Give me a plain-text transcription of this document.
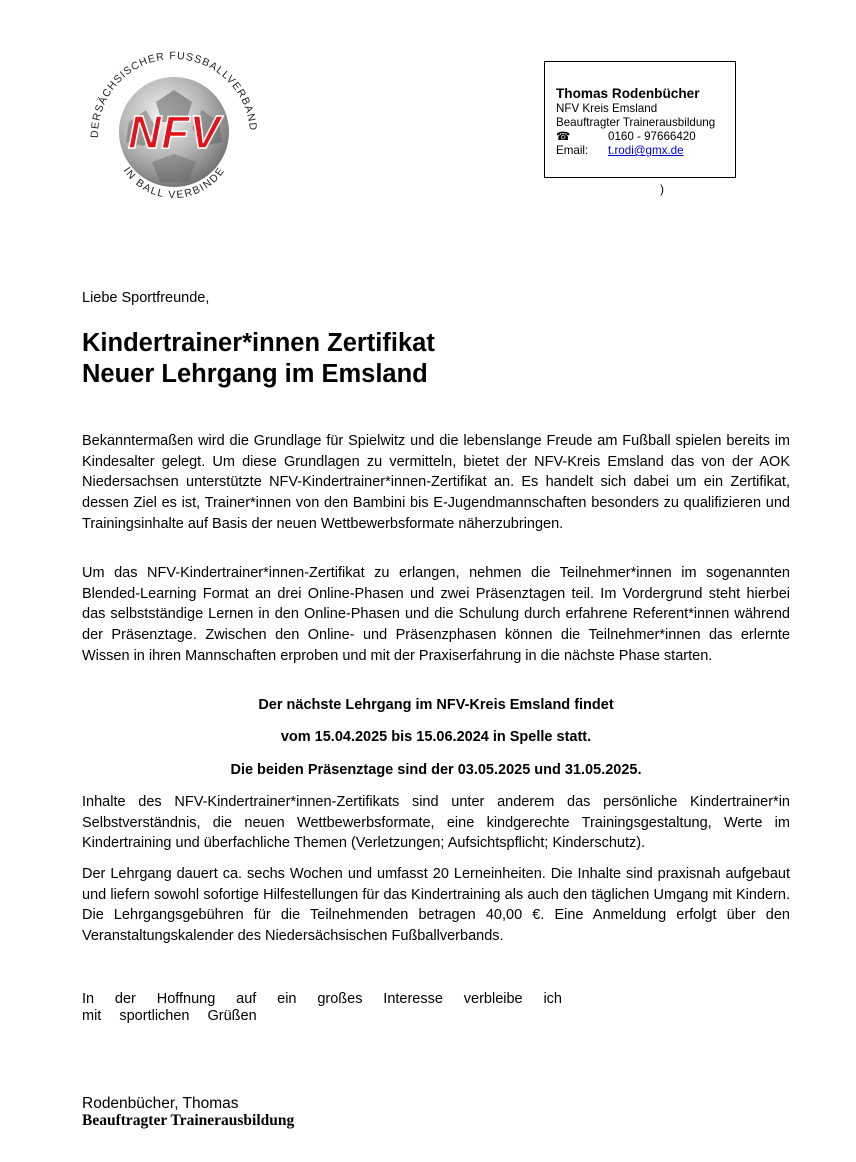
NFV
DERSÄCHSISCHER FUSSBALLVERBAND
IN BALL VERBINDE
Thomas Rodenbücher
NFV Kreis Emsland
Beauftragter Trainerausbildung
☎	0160 - 97666420
Email:	t.rodi@gmx.de
)
Liebe Sportfreunde,
Kindertrainer*innen Zertifikat
Neuer Lehrgang im Emsland
Bekanntermaßen wird die Grundlage für Spielwitz und die lebenslange Freude am Fußball spielen bereits im Kindesalter gelegt. Um diese Grundlagen zu vermitteln, bietet der NFV-Kreis Emsland das von der AOK Niedersachsen unterstützte NFV-Kindertrainer*innen-Zertifikat an. Es handelt sich dabei um ein Zertifikat, dessen Ziel es ist, Trainer*innen von den Bambini bis E-Jugendmannschaften besonders zu qualifizieren und Trainingsinhalte auf Basis der neuen Wettbewerbsformate näherzubringen.
Um das NFV-Kindertrainer*innen-Zertifikat zu erlangen, nehmen die Teilnehmer*innen im sogenannten Blended-Learning Format an drei Online-Phasen und zwei Präsenztagen teil. Im Vordergrund steht hierbei das selbstständige Lernen in den Online-Phasen und die Schulung durch erfahrene Referent*innen während der Präsenztage. Zwischen den Online- und Präsenzphasen können die Teilnehmer*innen das erlernte Wissen in ihren Mannschaften erproben und mit der Praxiserfahrung in die nächste Phase starten.
Der nächste Lehrgang im NFV-Kreis Emsland findet
vom 15.04.2025 bis 15.06.2024 in Spelle statt.
Die beiden Präsenztage sind der 03.05.2025 und 31.05.2025.
Inhalte des NFV-Kindertrainer*innen-Zertifikats sind unter anderem das persönliche Kindertrainer*in Selbstverständnis, die neuen Wettbewerbsformate, eine kindgerechte Trainingsgestaltung, Werte im Kindertraining und überfachliche Themen (Verletzungen; Aufsichtspflicht; Kinderschutz).
Der Lehrgang dauert ca. sechs Wochen und umfasst 20 Lerneinheiten. Die Inhalte sind praxisnah aufgebaut und liefern sowohl sofortige Hilfestellungen für das Kindertraining als auch den täglichen Umgang mit Kindern. Die Lehrgangsgebühren für die Teilnehmenden betragen 40,00 €. Eine Anmeldung erfolgt über den Veranstaltungskalender des Niedersächsischen Fußballverbands.
In der Hoffnung auf ein großes Interesse verbleibe ich
mit sportlichen Grüßen
Rodenbücher, Thomas
Beauftragter Trainerausbildung
